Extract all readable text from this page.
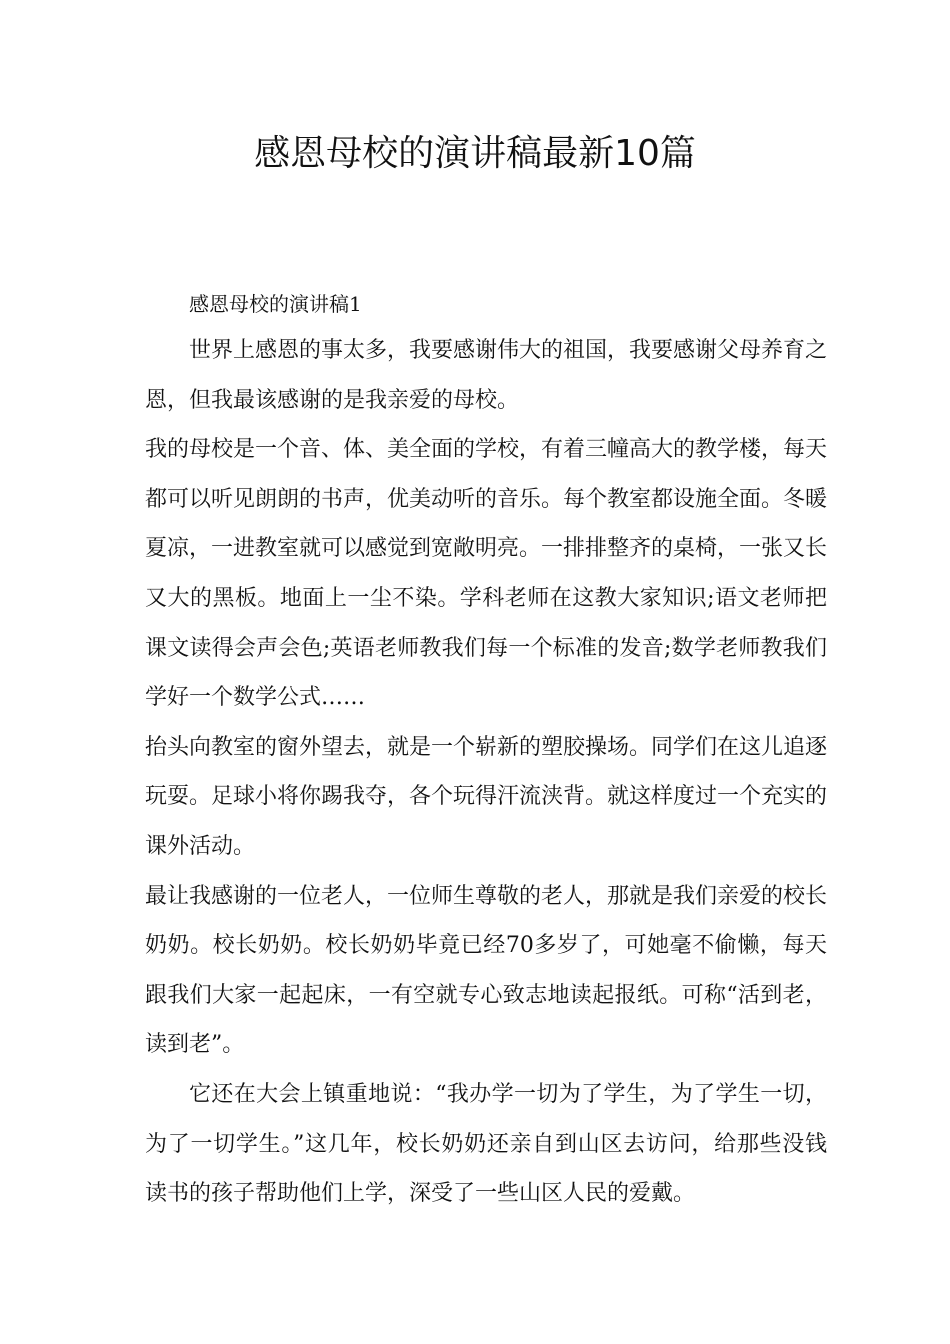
感恩母校的演讲稿最新10篇

感恩母校的演讲稿1

世界上感恩的事太多，我要感谢伟大的祖国，我要感谢父母养育之恩，但我最该感谢的是我亲爱的母校。

我的母校是一个音、体、美全面的学校，有着三幢高大的教学楼，每天都可以听见朗朗的书声，优美动听的音乐。每个教室都设施全面。冬暖夏凉，一进教室就可以感觉到宽敞明亮。一排排整齐的桌椅，一张又长又大的黑板。地面上一尘不染。学科老师在这教大家知识;语文老师把课文读得会声会色;英语老师教我们每一个标准的发音;数学老师教我们学好一个数学公式……

抬头向教室的窗外望去，就是一个崭新的塑胶操场。同学们在这儿追逐玩耍。足球小将你踢我夺，各个玩得汗流浃背。就这样度过一个充实的课外活动。

最让我感谢的一位老人，一位师生尊敬的老人，那就是我们亲爱的校长奶奶。校长奶奶。校长奶奶毕竟已经70多岁了，可她毫不偷懒，每天跟我们大家一起起床，一有空就专心致志地读起报纸。可称“活到老，读到老”。

它还在大会上镇重地说：“我办学一切为了学生，为了学生一切，为了一切学生。”这几年，校长奶奶还亲自到山区去访问，给那些没钱读书的孩子帮助他们上学，深受了一些山区人民的爱戴。
